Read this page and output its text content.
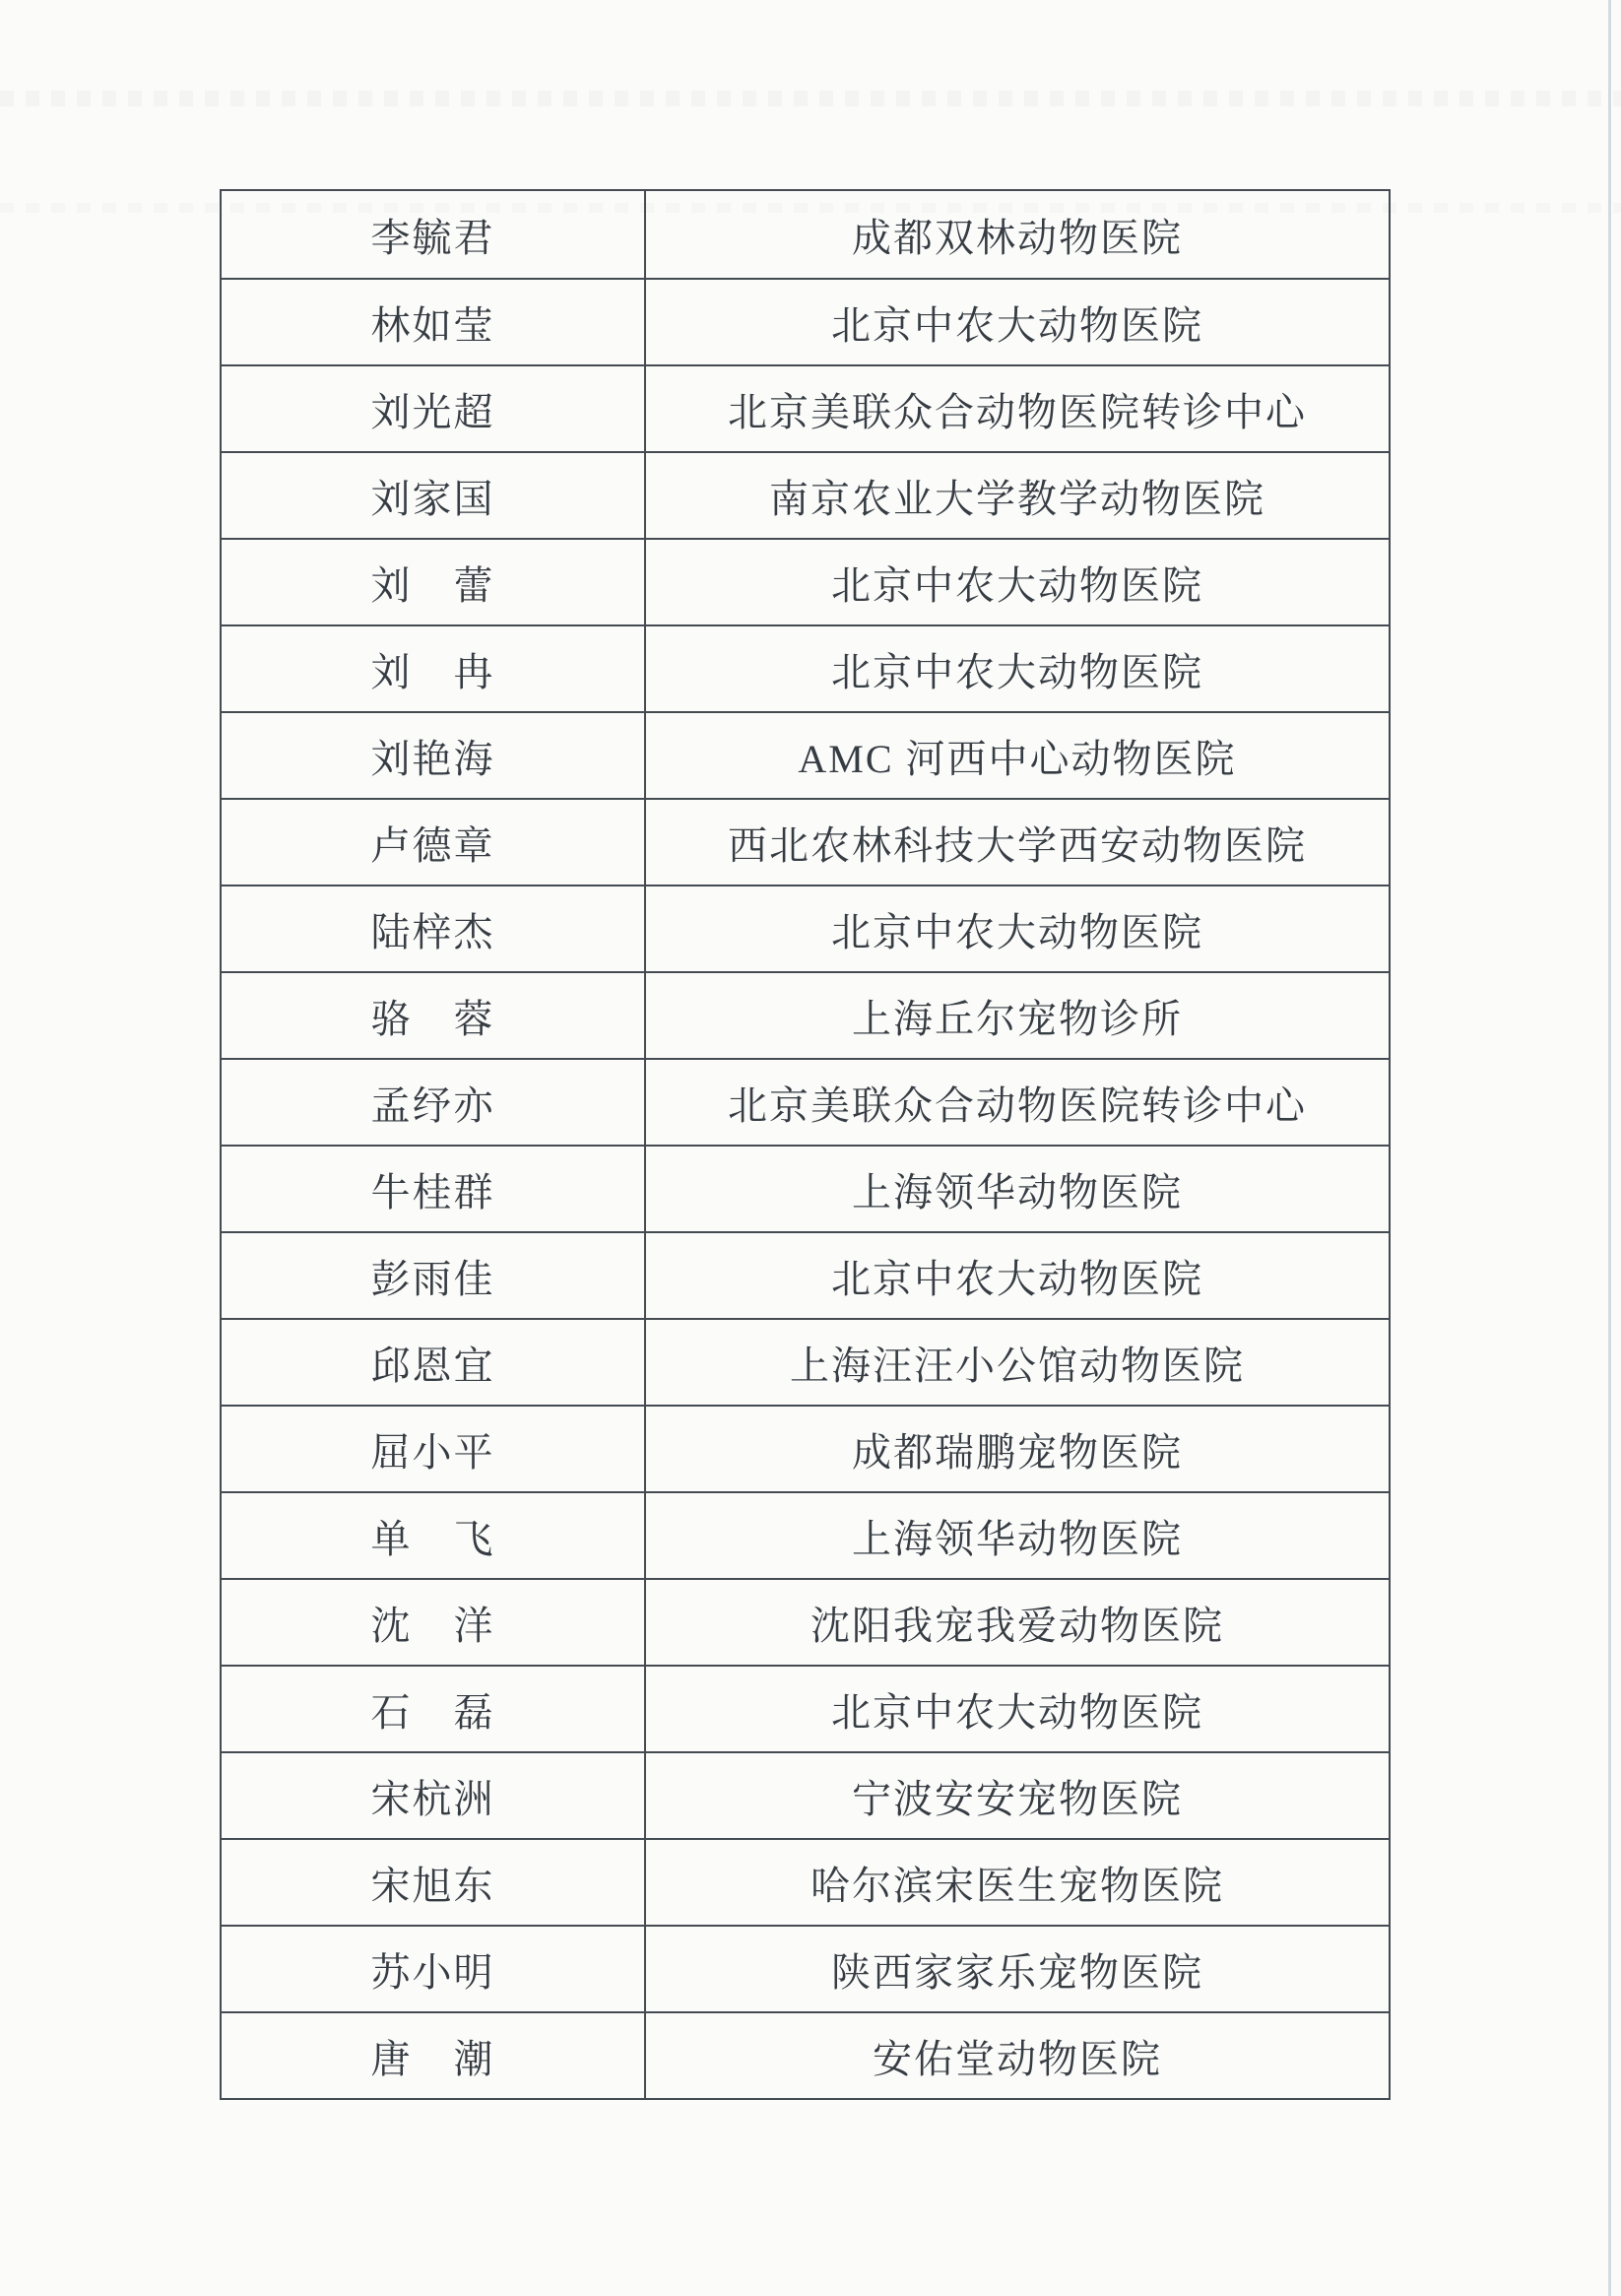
李毓君	成都双林动物医院
林如莹	北京中农大动物医院
刘光超	北京美联众合动物医院转诊中心
刘家国	南京农业大学教学动物医院
刘　蕾	北京中农大动物医院
刘　冉	北京中农大动物医院
刘艳海	AMC 河西中心动物医院
卢德章	西北农林科技大学西安动物医院
陆梓杰	北京中农大动物医院
骆　蓉	上海丘尔宠物诊所
孟纾亦	北京美联众合动物医院转诊中心
牛桂群	上海领华动物医院
彭雨佳	北京中农大动物医院
邱恩宜	上海汪汪小公馆动物医院
屈小平	成都瑞鹏宠物医院
单　飞	上海领华动物医院
沈　洋	沈阳我宠我爱动物医院
石　磊	北京中农大动物医院
宋杭洲	宁波安安宠物医院
宋旭东	哈尔滨宋医生宠物医院
苏小明	陕西家家乐宠物医院
唐　潮	安佑堂动物医院
